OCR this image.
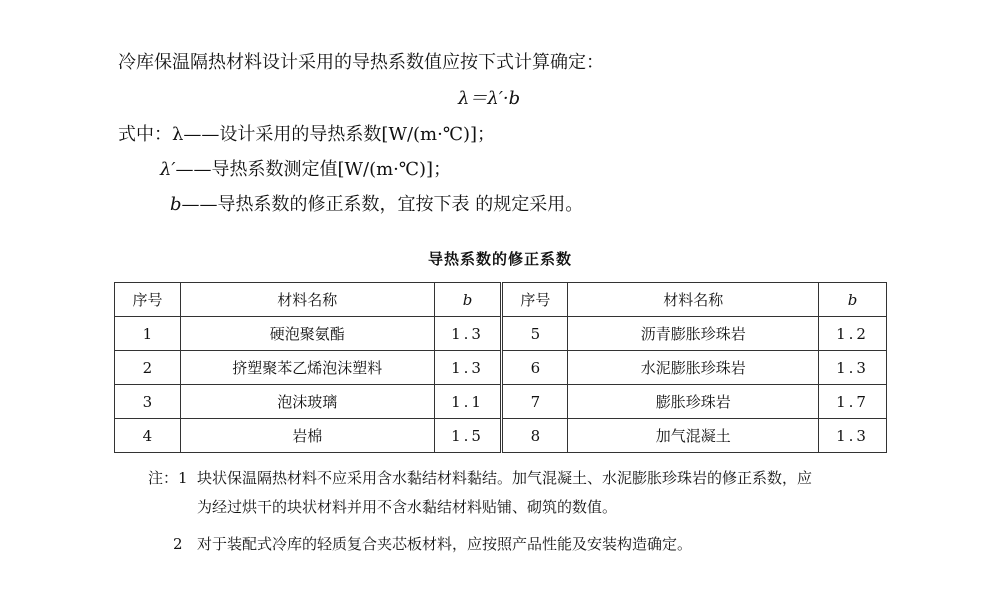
冷库保温隔热材料设计采用的导热系数值应按下式计算确定：
λ＝λ′·b
式中：λ——设计采用的导热系数[W/(m·℃)]；
λ′——导热系数测定值[W/(m·℃)]；
b——导热系数的修正系数，宜按下表 的规定采用。
导热系数的修正系数
序号	材料名称	b	序号	材料名称	b
1	硬泡聚氨酯	1.3	5	沥青膨胀珍珠岩	1.2
2	挤塑聚苯乙烯泡沫塑料	1.3	6	水泥膨胀珍珠岩	1.3
3	泡沫玻璃	1.1	7	膨胀珍珠岩	1.7
4	岩棉	1.5	8	加气混凝土	1.3
注：1 块状保温隔热材料不应采用含水黏结材料黏结。加气混凝土、水泥膨胀珍珠岩的修正系数，应
为经过烘干的块状材料并用不含水黏结材料贴铺、砌筑的数值。
2 对于装配式冷库的轻质复合夹芯板材料，应按照产品性能及安装构造确定。
